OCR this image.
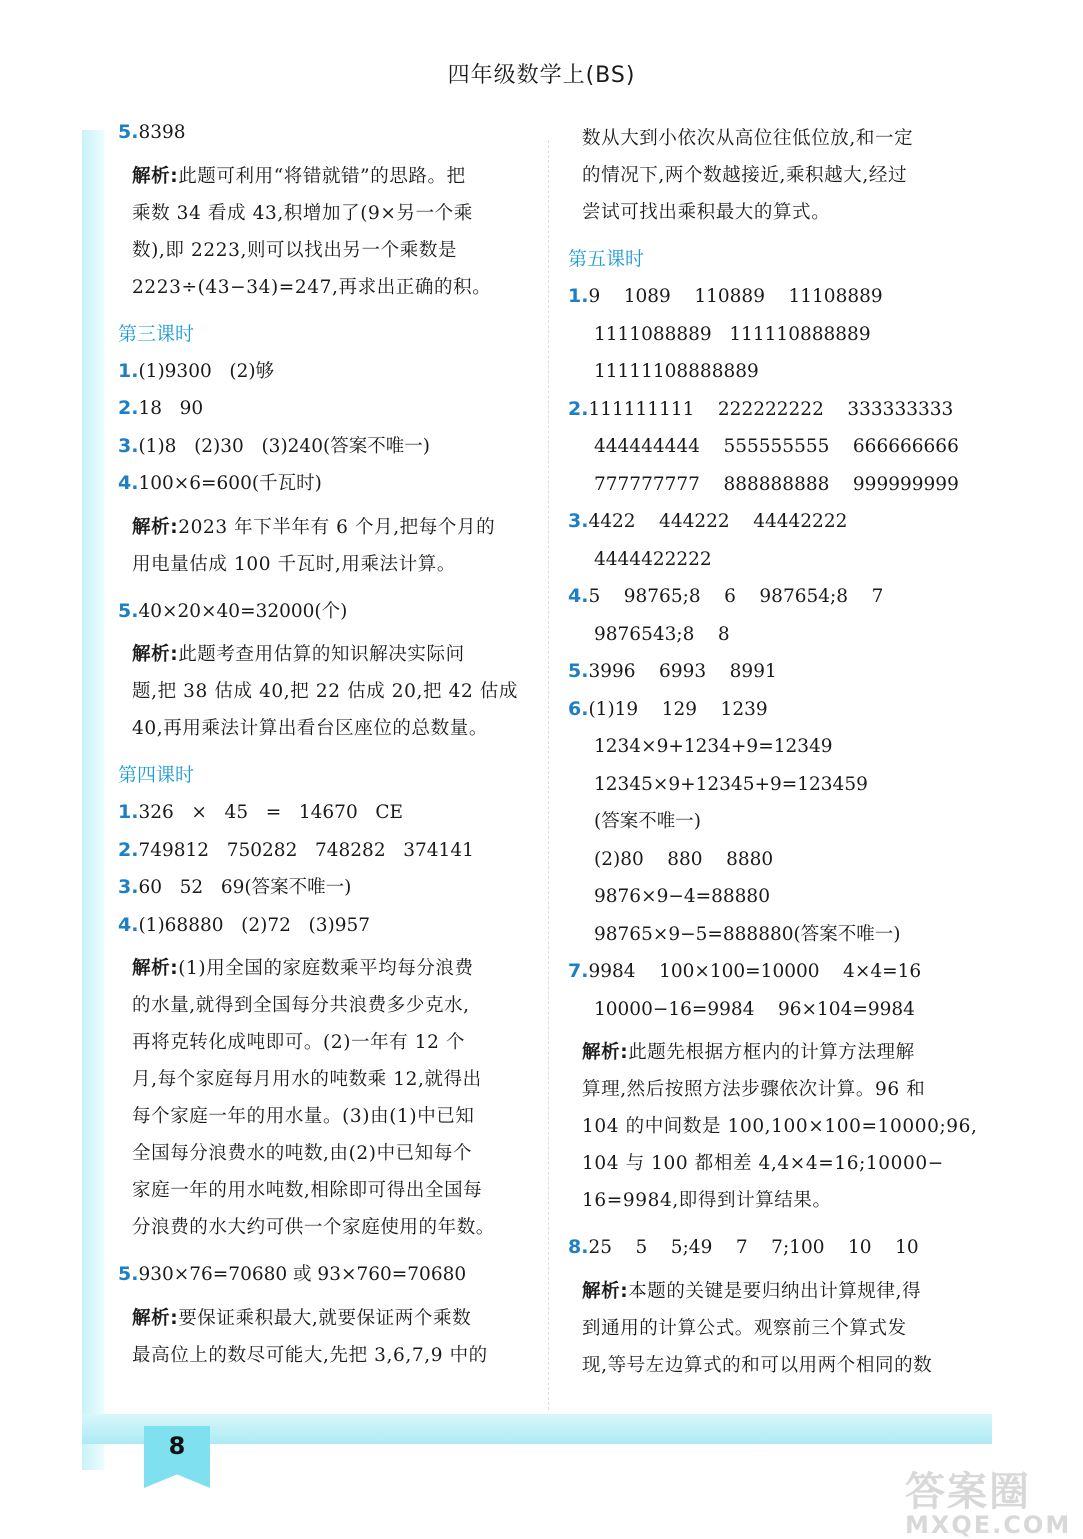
四年级数学上(BS)
8
5.8398
解析:此题可利用“将错就错”的思路。把
乘数 34 看成 43,积增加了(9×另一个乘
数),即 2223,则可以找出另一个乘数是
2223÷(43−34)=247,再求出正确的积。
第三课时
1.(1)9300   (2)够
2.18   90
3.(1)8   (2)30   (3)240(答案不唯一)
4.100×6=600(千瓦时)
解析:2023 年下半年有 6 个月,把每个月的
用电量估成 100 千瓦时,用乘法计算。
5.40×20×40=32000(个)
解析:此题考查用估算的知识解决实际问
题,把 38 估成 40,把 22 估成 20,把 42 估成
40,再用乘法计算出看台区座位的总数量。
第四课时
1.326   ×   45   =   14670   CE
2.749812   750282   748282   374141
3.60   52   69(答案不唯一)
4.(1)68880   (2)72   (3)957
解析:(1)用全国的家庭数乘平均每分浪费
的水量,就得到全国每分共浪费多少克水,
再将克转化成吨即可。(2)一年有 12 个
月,每个家庭每月用水的吨数乘 12,就得出
每个家庭一年的用水量。(3)由(1)中已知
全国每分浪费水的吨数,由(2)中已知每个
家庭一年的用水吨数,相除即可得出全国每
分浪费的水大约可供一个家庭使用的年数。
5.930×76=70680 或 93×760=70680
解析:要保证乘积最大,就要保证两个乘数
最高位上的数尽可能大,先把 3,6,7,9 中的
数从大到小依次从高位往低位放,和一定
的情况下,两个数越接近,乘积越大,经过
尝试可找出乘积最大的算式。
第五课时
1.9    1089    110889    11108889
1111088889   111110888889
11111108888889
2.111111111    222222222    333333333
444444444    555555555    666666666
777777777    888888888    999999999
3.4422    444222    44442222
4444422222
4.5    98765;8    6    987654;8    7
9876543;8    8
5.3996    6993    8991
6.(1)19    129    1239
1234×9+1234+9=12349
12345×9+12345+9=123459
(答案不唯一)
(2)80    880    8880
9876×9−4=88880
98765×9−5=888880(答案不唯一)
7.9984    100×100=10000    4×4=16
10000−16=9984    96×104=9984
解析:此题先根据方框内的计算方法理解
算理,然后按照方法步骤依次计算。96 和
104 的中间数是 100,100×100=10000;96,
104 与 100 都相差 4,4×4=16;10000−
16=9984,即得到计算结果。
8.25    5    5;49    7    7;100    10    10
解析:本题的关键是要归纳出计算规律,得
到通用的计算公式。观察前三个算式发
现,等号左边算式的和可以用两个相同的数
答案圈
MXQE.COM
